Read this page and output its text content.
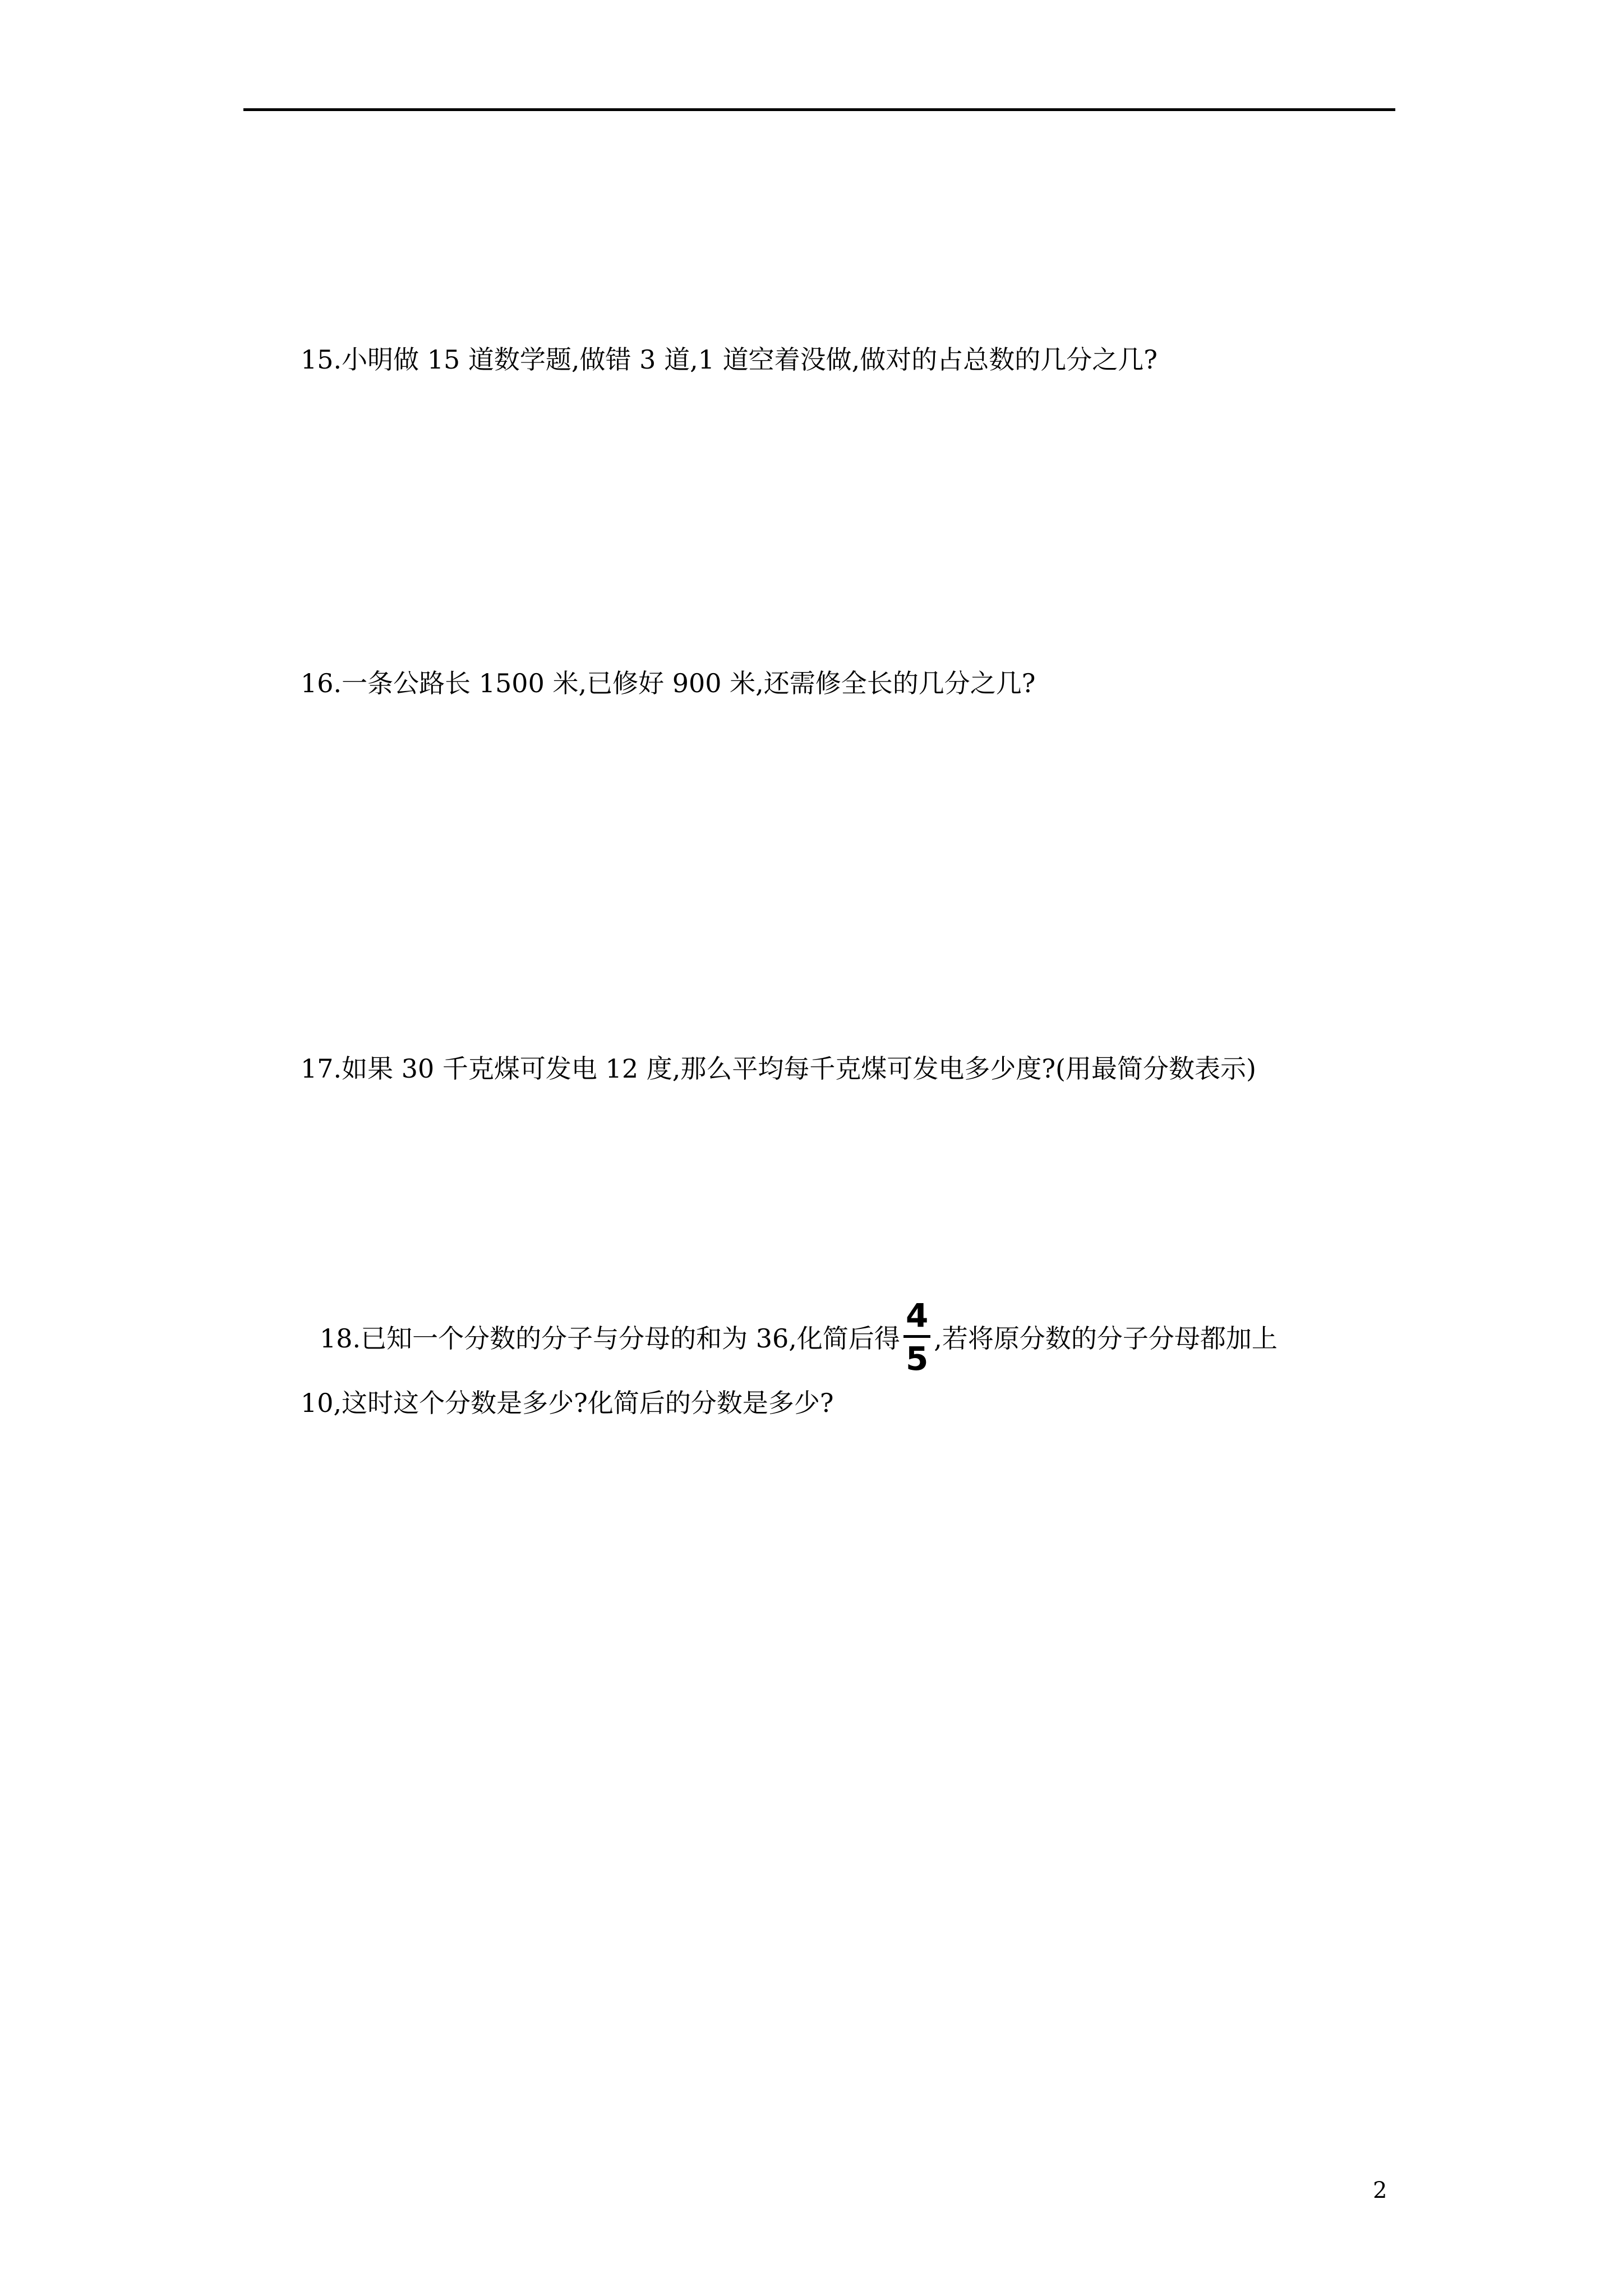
15.小明做 15 道数学题,做错 3 道,1 道空着没做,做对的占总数的几分之几?
16.一条公路长 1500 米,已修好 900 米,还需修全长的几分之几?
17.如果 30 千克煤可发电 12 度,那么平均每千克煤可发电多少度?(用最简分数表示)
18.已知一个分数的分子与分母的和为 36,化简后得 $\frac{4}{5}$ ,若将原分数的分子分母都加上
10,这时这个分数是多少?化简后的分数是多少?
2
